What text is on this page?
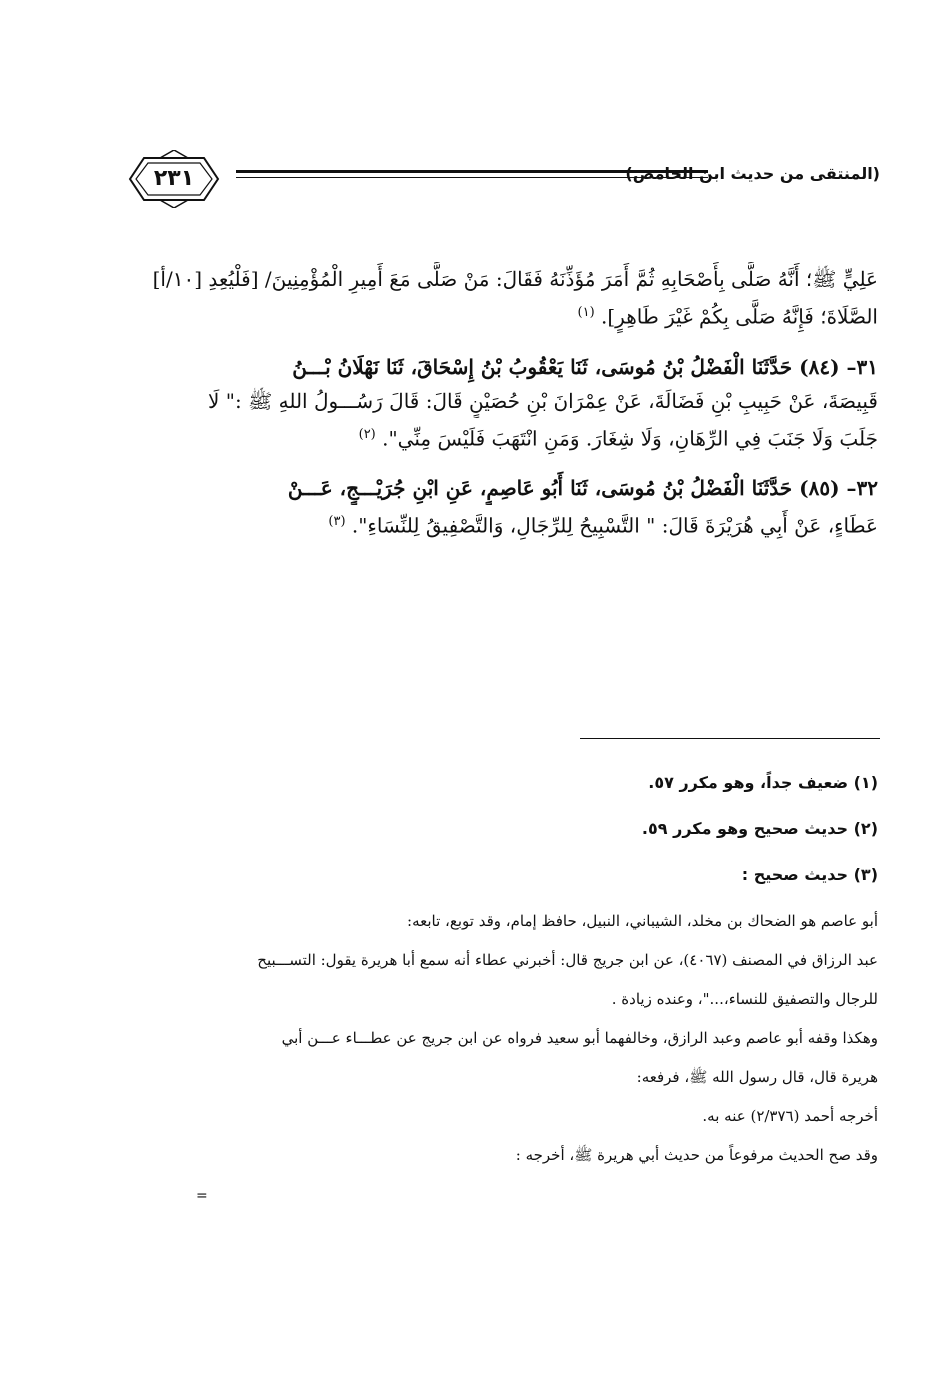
٢٣١	(المنتقى من حديث ابن الحامض)
عَلِيٍّ ﷺ؛ أَنَّهُ صَلَّى بِأَصْحَابِهِ ثُمَّ أَمَرَ مُؤَذِّنَهُ فَقَالَ: مَنْ صَلَّى مَعَ أَمِيرِ الْمُؤْمِنِينَ/ [فَلْيُعِدِ [١٠/أ]
الصَّلَاةَ؛ فَإِنَّهُ صَلَّى بِكُمْ غَيْرَ طَاهِرٍ]. $^{(١)}$
٣١– (٨٤) حَدَّثَنَا الْفَضْلُ بْنُ مُوسَى، ثَنَا يَعْقُوبُ بْنُ إِسْحَاقَ، ثَنَا نَهْلَانُ بْـــنُ
قَبِيصَةَ، عَنْ حَبِيبِ بْنِ فَضَالَةَ، عَنْ عِمْرَانَ بْنِ حُصَيْنٍ قَالَ: قَالَ رَسُـــولُ اللهِ ﷺ :" لَا
جَلَبَ وَلَا جَنَبَ فِي الرِّهَانِ، وَلَا شِغَارَ. وَمَنِ انْتَهَبَ فَلَيْسَ مِنِّي". $^{(٢)}$
٣٢– (٨٥) حَدَّثَنَا الْفَضْلُ بْنُ مُوسَى، ثَنَا أَبُو عَاصِمٍ، عَنِ ابْنِ جُرَيْـــجٍ، عَـــنْ
عَطَاءٍ، عَنْ أَبِي هُرَيْرَةَ قَالَ: " التَّسْبِيحُ لِلرِّجَالِ، وَالتَّصْفِيقُ لِلنِّسَاءِ". $^{(٣)}$
(١) ضعيف جداً، وهو مكرر ٥٧.
(٢) حديث صحيح وهو مكرر ٥٩.
(٣) حديث صحيح :
أبو عاصم هو الضحاك بن مخلد، الشيباني، النبيل، حافظ إمام، وقد توبع، تابعه:
عبد الرزاق في المصنف (٤٠٦٧)، عن ابن جريج قال: أخبرني عطاء أنه سمع أبا هريرة يقول: التســـبيح
للرجال والتصفيق للنساء،..."، وعنده زيادة .
وهكذا وقفه أبو عاصم وعبد الرازق، وخالفهما أبو سعيد فرواه عن ابن جريج عن عطـــاء عـــن أبي
هريرة قال، قال رسول الله ﷺ، فرفعه:
أخرجه أحمد (٢/٣٧٦) عنه به.
وقد صح الحديث مرفوعاً من حديث أبي هريرة ﷺ، أخرجه :
=
